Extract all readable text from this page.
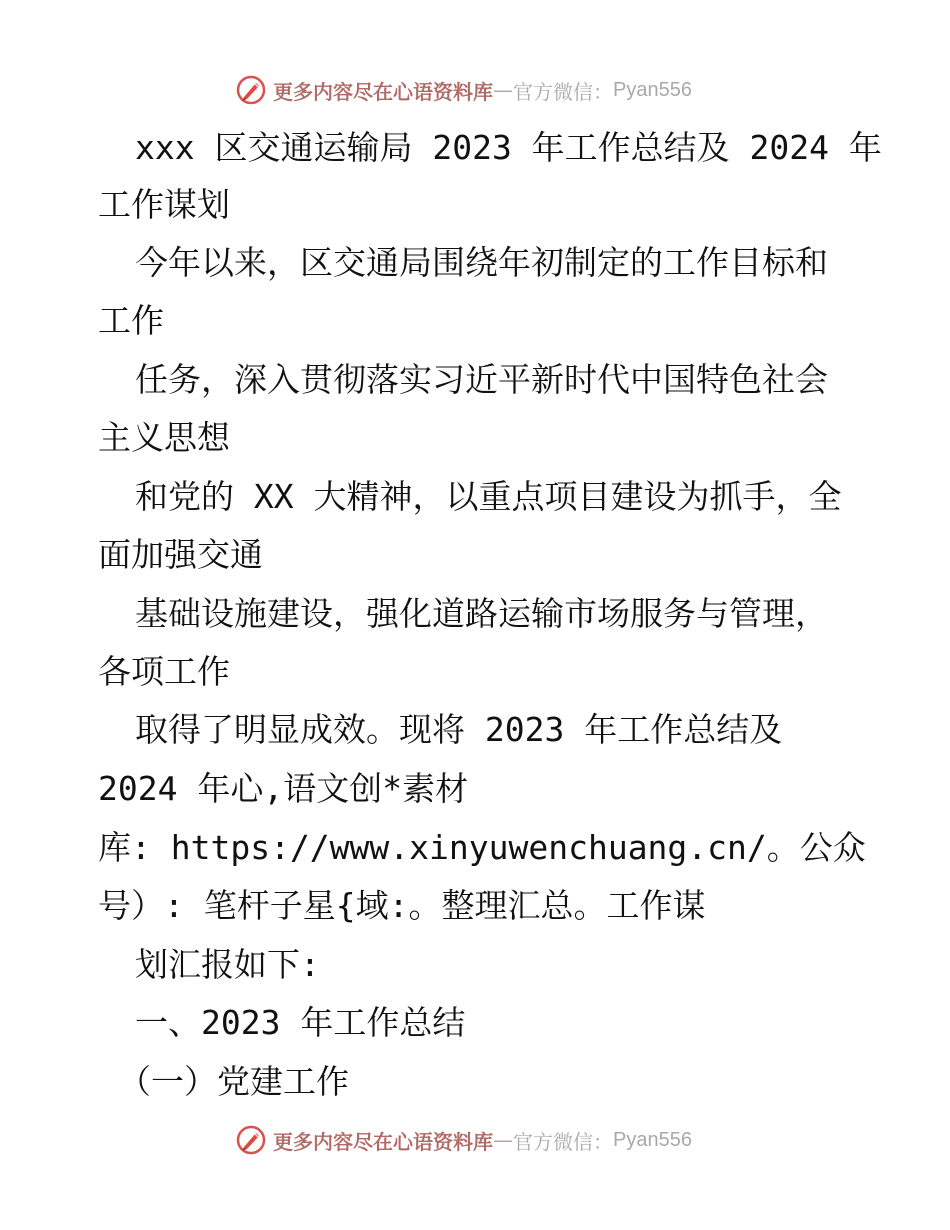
更多内容尽在心语资料库 — 官方微信： Pyan556
xxx 区交通运输局 2023 年工作总结及 2024 年
工作谋划
今年以来，区交通局围绕年初制定的工作目标和
工作
任务，深入贯彻落实习近平新时代中国特色社会
主义思想
和党的 XX 大精神，以重点项目建设为抓手，全
面加强交通
基础设施建设，强化道路运输市场服务与管理，
各项工作
取得了明显成效。现将 2023 年工作总结及
2024 年心,语文创*素材
库: https://www.xinyuwenchuang.cn/。公众
号）: 笔杆子星{域:。整理汇总。工作谋
划汇报如下:
一、2023 年工作总结
（一）党建工作
更多内容尽在心语资料库 — 官方微信： Pyan556
